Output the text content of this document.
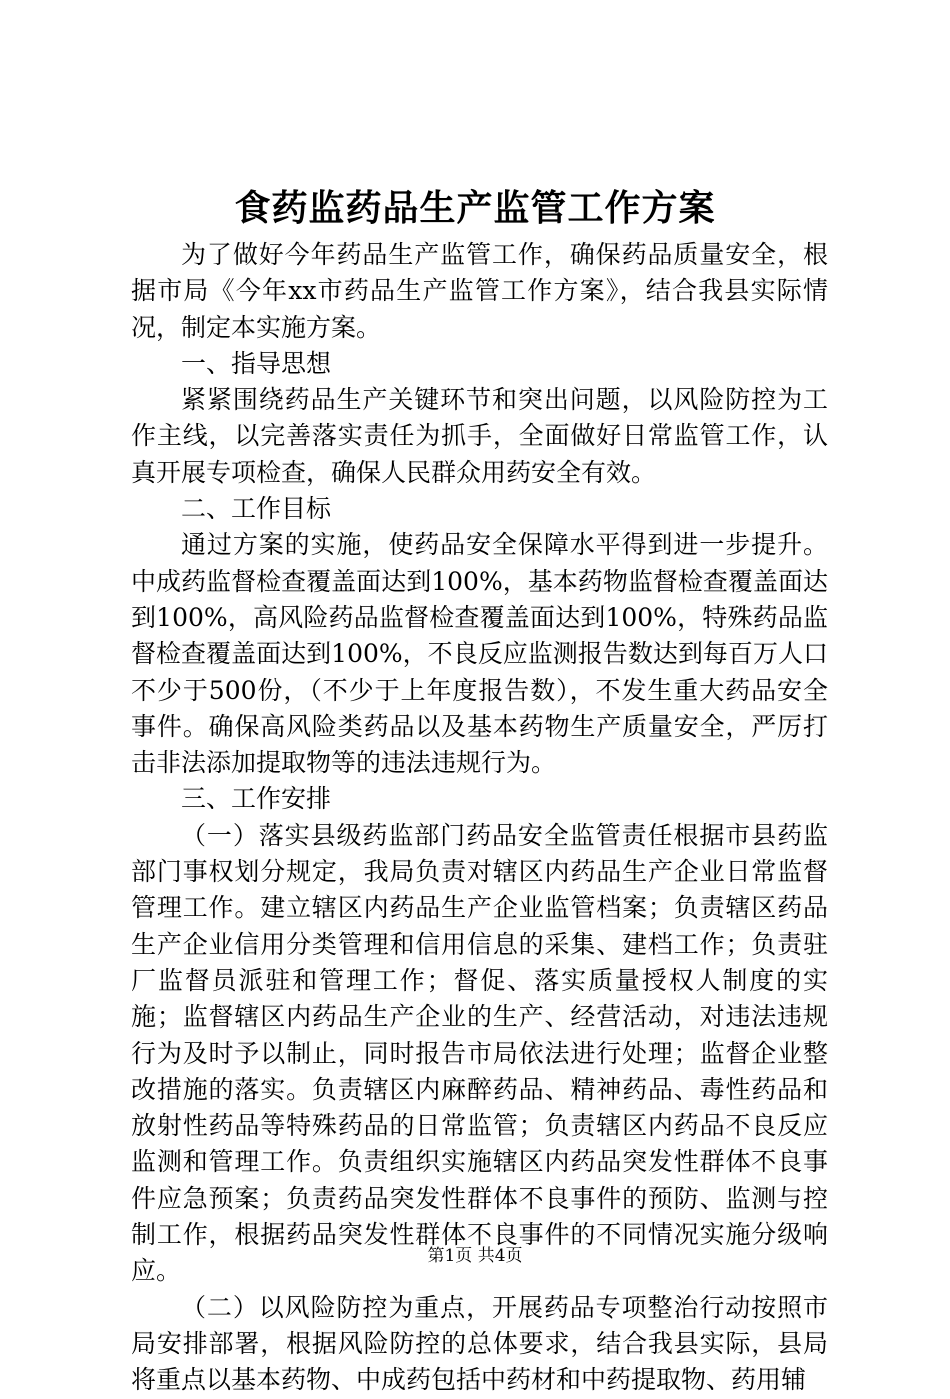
食药监药品生产监管工作方案

为了做好今年药品生产监管工作，确保药品质量安全，根据市局《今年xx市药品生产监管工作方案》，结合我县实际情况，制定本实施方案。

一、指导思想

紧紧围绕药品生产关键环节和突出问题，以风险防控为工作主线，以完善落实责任为抓手，全面做好日常监管工作，认真开展专项检查，确保人民群众用药安全有效。

二、工作目标

通过方案的实施，使药品安全保障水平得到进一步提升。中成药监督检查覆盖面达到100%，基本药物监督检查覆盖面达到100%，高风险药品监督检查覆盖面达到100%，特殊药品监督检查覆盖面达到100%，不良反应监测报告数达到每百万人口不少于500份，（不少于上年度报告数），不发生重大药品安全事件。确保高风险类药品以及基本药物生产质量安全，严厉打击非法添加提取物等的违法违规行为。

三、工作安排

（一）落实县级药监部门药品安全监管责任根据市县药监部门事权划分规定，我局负责对辖区内药品生产企业日常监督管理工作。建立辖区内药品生产企业监管档案；负责辖区药品生产企业信用分类管理和信用信息的采集、建档工作；负责驻厂监督员派驻和管理工作；督促、落实质量授权人制度的实施；监督辖区内药品生产企业的生产、经营活动，对违法违规行为及时予以制止，同时报告市局依法进行处理；监督企业整改措施的落实。负责辖区内麻醉药品、精神药品、毒性药品和放射性药品等特殊药品的日常监管；负责辖区内药品不良反应监测和管理工作。负责组织实施辖区内药品突发性群体不良事件应急预案；负责药品突发性群体不良事件的预防、监测与控制工作，根据药品突发性群体不良事件的不同情况实施分级响应。

（二）以风险防控为重点，开展药品专项整治行动按照市局安排部署，根据风险防控的总体要求，结合我县实际，县局将重点以基本药物、中成药包括中药材和中药提取物、药用辅

第1页 共4页
